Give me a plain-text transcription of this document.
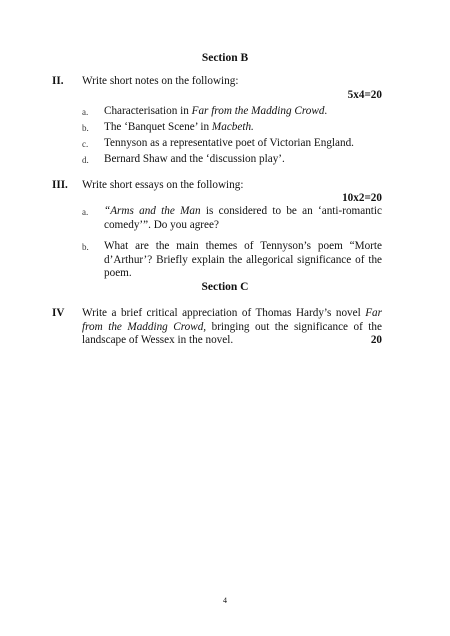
Section B
II. Write short notes on the following:
5x4=20
a. Characterisation in Far from the Madding Crowd.
b. The ‘Banquet Scene’ in Macbeth.
c. Tennyson as a representative poet of Victorian England.
d. Bernard Shaw and the ‘discussion play’.
III. Write short essays on the following:
10x2=20
a. “Arms and the Man is considered to be an ‘anti-romantic comedy’”. Do you agree?
b. What are the main themes of Tennyson’s poem “Morte d’Arthur’? Briefly explain the allegorical significance of the poem.
Section C
IV Write a brief critical appreciation of Thomas Hardy’s novel Far from the Madding Crowd, bringing out the significance of the landscape of Wessex in the novel.	20
4
